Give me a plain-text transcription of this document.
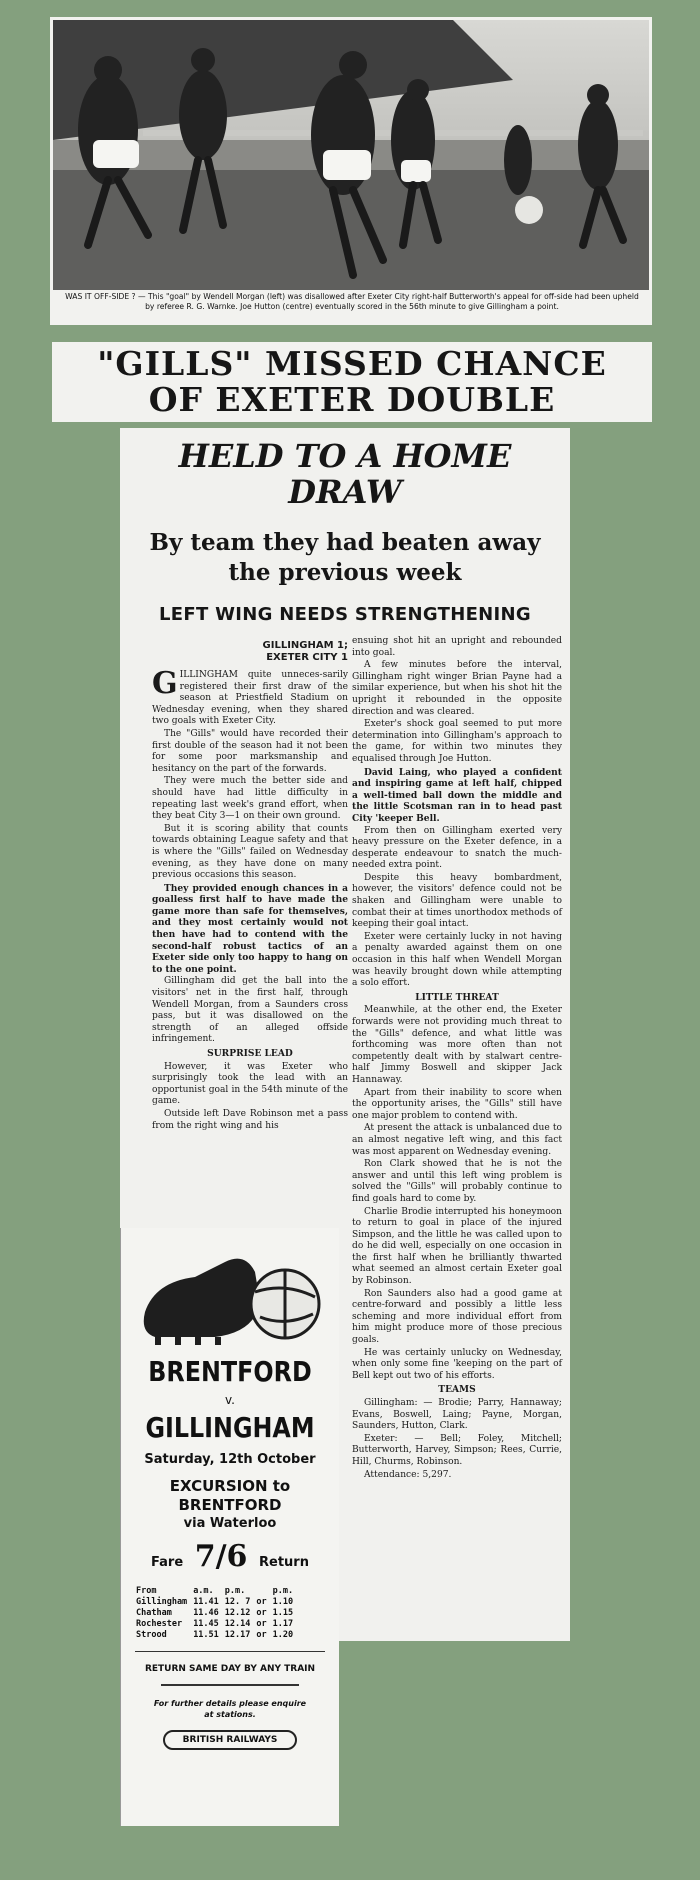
WAS IT OFF-SIDE ? — This "goal" by Wendell Morgan (left) was disallowed after Exeter City right-half Butterworth's appeal for off-side had been upheld by referee R. G. Warnke. Joe Hutton (centre) eventually scored in the 56th minute to give Gillingham a point.
"GILLS" MISSED CHANCE
OF EXETER DOUBLE
HELD TO A HOME
DRAW
By team they had beaten away
the previous week
LEFT WING NEEDS STRENGTHENING

GILLINGHAM 1;
EXETER CITY 1

GILLINGHAM quite unneces-sarily registered their first draw of the season at Priestfield Stadium on Wednesday evening, when they shared two goals with Exeter City.

The "Gills" would have recorded their first double of the season had it not been for some poor marksmanship and hesitancy on the part of the forwards.

They were much the better side and should have had little difficulty in repeating last week's grand effort, when they beat City 3—1 on their own ground.

But it is scoring ability that counts towards obtaining League safety and that is where the "Gills" failed on Wednesday evening, as they have done on many previous occasions this season.

They provided enough chances in a goalless first half to have made the game more than safe for themselves, and they most certainly would not then have had to contend with the second-half robust tactics of an Exeter side only too happy to hang on to the one point.

Gillingham did get the ball into the visitors' net in the first half, through Wendell Morgan, from a Saunders cross pass, but it was disallowed on the strength of an alleged offside infringement.

SURPRISE LEAD

However, it was Exeter who surprisingly took the lead with an opportunist goal in the 54th minute of the game.

Outside left Dave Robinson met a pass from the right wing and his

ensuing shot hit an upright and rebounded into goal.

A few minutes before the interval, Gillingham right winger Brian Payne had a similar experience, but when his shot hit the upright it rebounded in the opposite direction and was cleared.

Exeter's shock goal seemed to put more determination into Gillingham's approach to the game, for within two minutes they equalised through Joe Hutton.

David Laing, who played a confident and inspiring game at left half, chipped a well-timed ball down the middle and the little Scotsman ran in to head past City 'keeper Bell.

From then on Gillingham exerted very heavy pressure on the Exeter defence, in a desperate endeavour to snatch the much-needed extra point.

Despite this heavy bombardment, however, the visitors' defence could not be shaken and Gillingham were unable to combat their at times unorthodox methods of keeping their goal intact.

Exeter were certainly lucky in not having a penalty awarded against them on one occasion in this half when Wendell Morgan was heavily brought down while attempting a solo effort.

LITTLE THREAT

Meanwhile, at the other end, the Exeter forwards were not providing much threat to the "Gills" defence, and what little was forthcoming was more often than not competently dealt with by stalwart centre-half Jimmy Boswell and skipper Jack Hannaway.

Apart from their inability to score when the opportunity arises, the "Gills" still have one major problem to contend with.

At present the attack is unbalanced due to an almost negative left wing, and this fact was most apparent on Wednesday evening.

Ron Clark showed that he is not the answer and until this left wing problem is solved the "Gills" will probably continue to find goals hard to come by.

Charlie Brodie interrupted his honeymoon to return to goal in place of the injured Simpson, and the little he was called upon to do he did well, especially on one occasion in the first half when he brilliantly thwarted what seemed an almost certain Exeter goal by Robinson.

Ron Saunders also had a good game at centre-forward and possibly a little less scheming and more individual effort from him might produce more of those precious goals.

He was certainly unlucky on Wednesday, when only some fine 'keeping on the part of Bell kept out two of his efforts.

TEAMS

Gillingham: — Brodie; Parry, Hannaway; Evans, Boswell, Laing; Payne, Morgan, Saunders, Hutton, Clark.

Exeter: — Bell; Foley, Mitchell; Butterworth, Harvey, Simpson; Rees, Currie, Hill, Churms, Robinson.

Attendance: 5,297.

BRENTFORD
v.
GILLINGHAM
Saturday, 12th October
EXCURSION to
BRENTFORD
via Waterloo
Fare 7/6 Return
From	a.m.	p.m.		p.m.
Gillingham	11.41	12. 7	or	1.10
Chatham	11.46	12.12	or	1.15
Rochester	11.45	12.14	or	1.17
Strood	11.51	12.17	or	1.20
RETURN SAME DAY BY ANY TRAIN
For further details please enquire at stations.
BRITISH RAILWAYS
